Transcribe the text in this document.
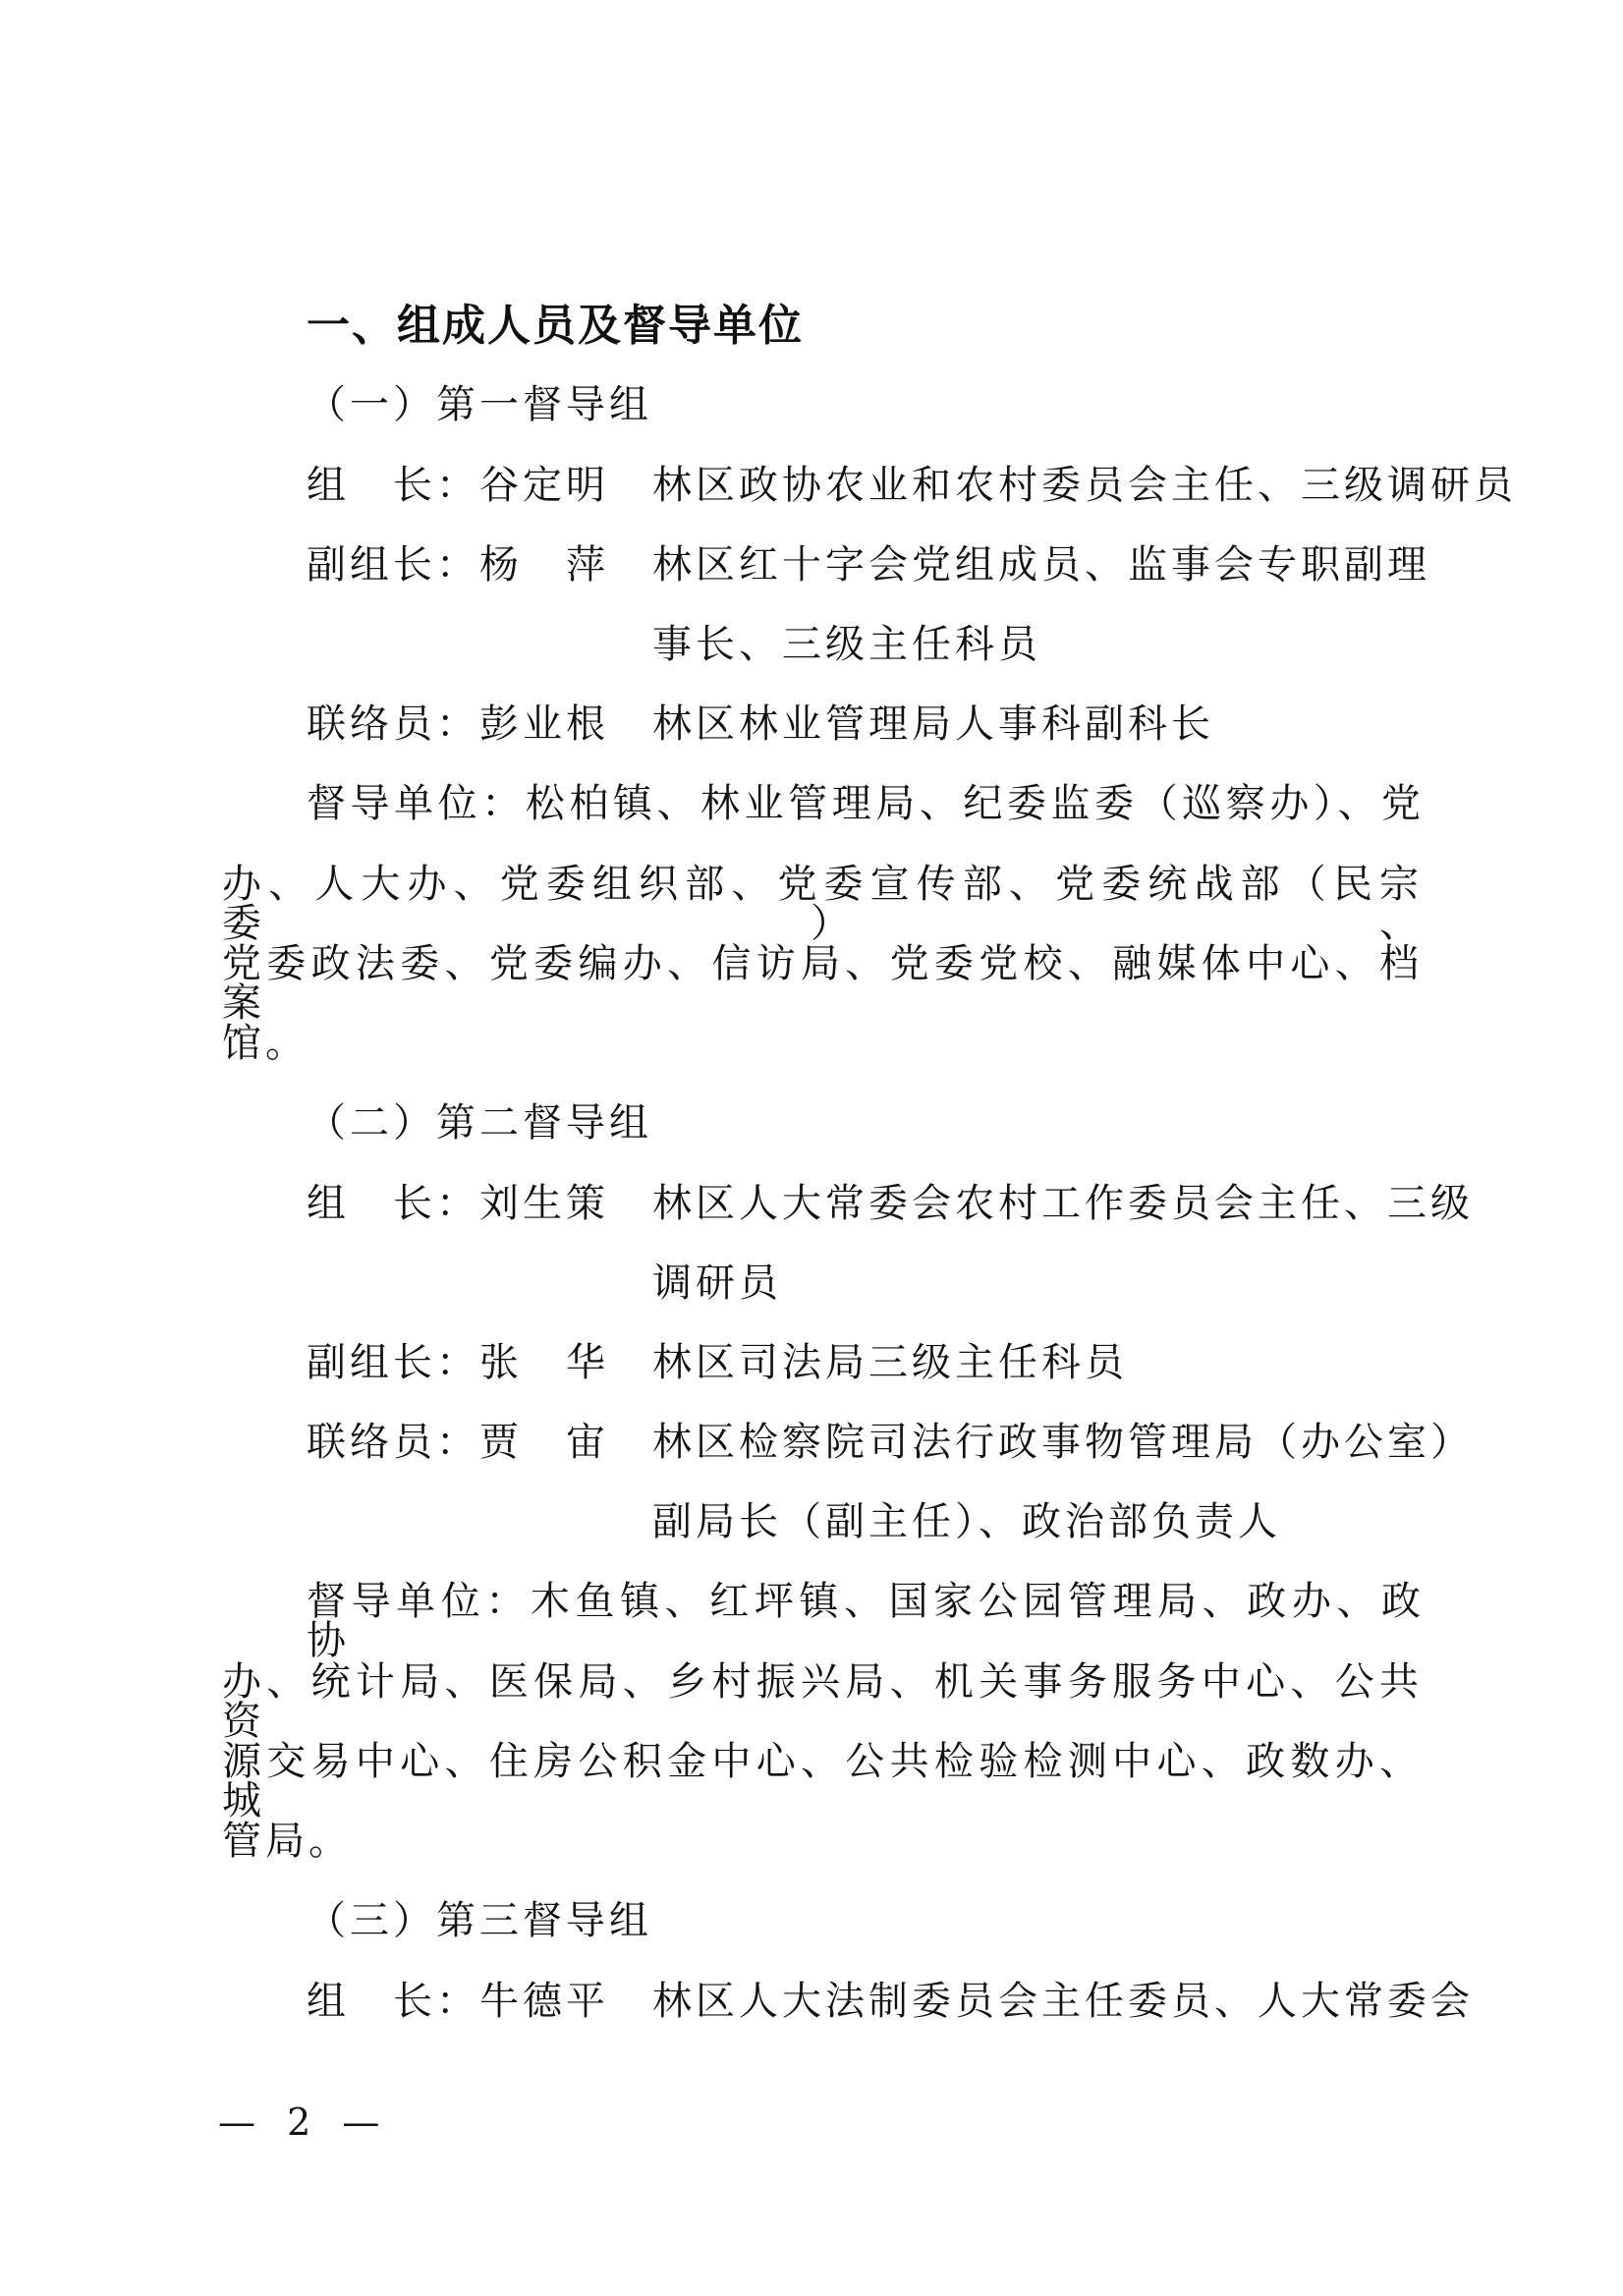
一、组成人员及督导单位
（一）第一督导组
组　长： 谷定明 林区政协农业和农村委员会主任、三级调研员
副组长： 杨　萍 林区红十字会党组成员、监事会专职副理
事长、三级主任科员
联络员： 彭业根 林区林业管理局人事科副科长
督导单位：松柏镇、林业管理局、纪委监委（巡察办）、党
办、人大办、党委组织部、党委宣传部、党委统战部（民宗委）、
党委政法委、党委编办、信访局、党委党校、融媒体中心、档案
馆。
（二）第二督导组
组　长： 刘生策 林区人大常委会农村工作委员会主任、三级
调研员
副组长： 张　华 林区司法局三级主任科员
联络员： 贾　宙 林区检察院司法行政事物管理局（办公室）
副局长（副主任）、政治部负责人
督导单位：木鱼镇、红坪镇、国家公园管理局、政办、政协
办、统计局、医保局、乡村振兴局、机关事务服务中心、公共资
源交易中心、住房公积金中心、公共检验检测中心、政数办、城
管局。
（三）第三督导组
组　长： 牛德平 林区人大法制委员会主任委员、人大常委会
— 2 —
